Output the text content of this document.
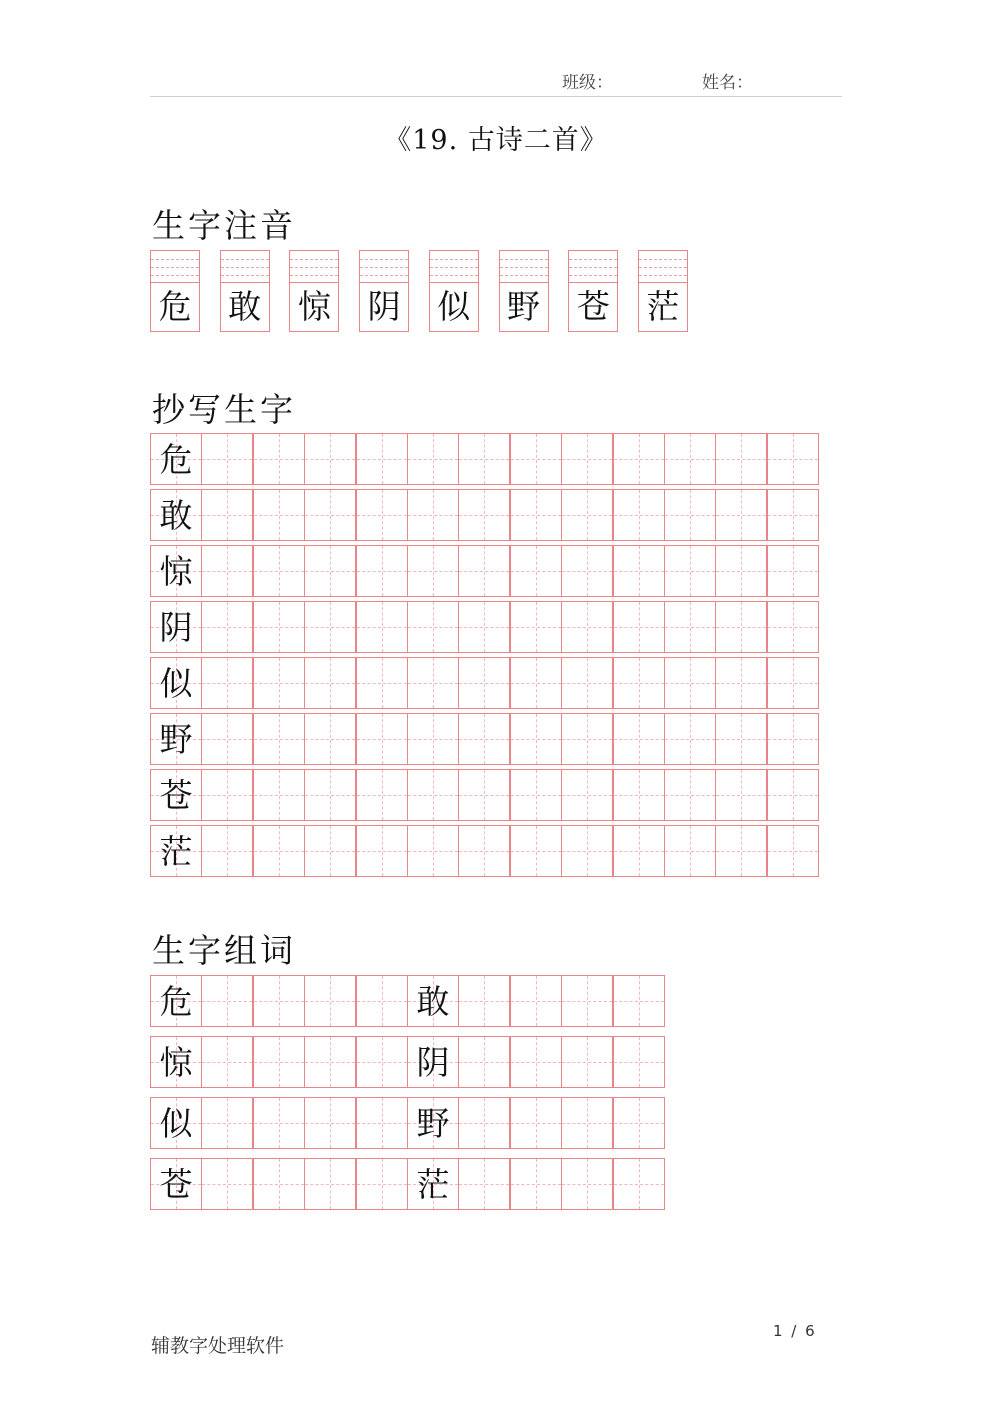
班级：	姓名：
《19. 古诗二首》
生字注音
危 敢 惊 阴 似 野 苍 茫
抄写生字
危
敢
惊
阴
似
野
苍
茫
生字组词
危	敢
惊	阴
似	野
苍	茫
辅教字处理软件
1 / 6
